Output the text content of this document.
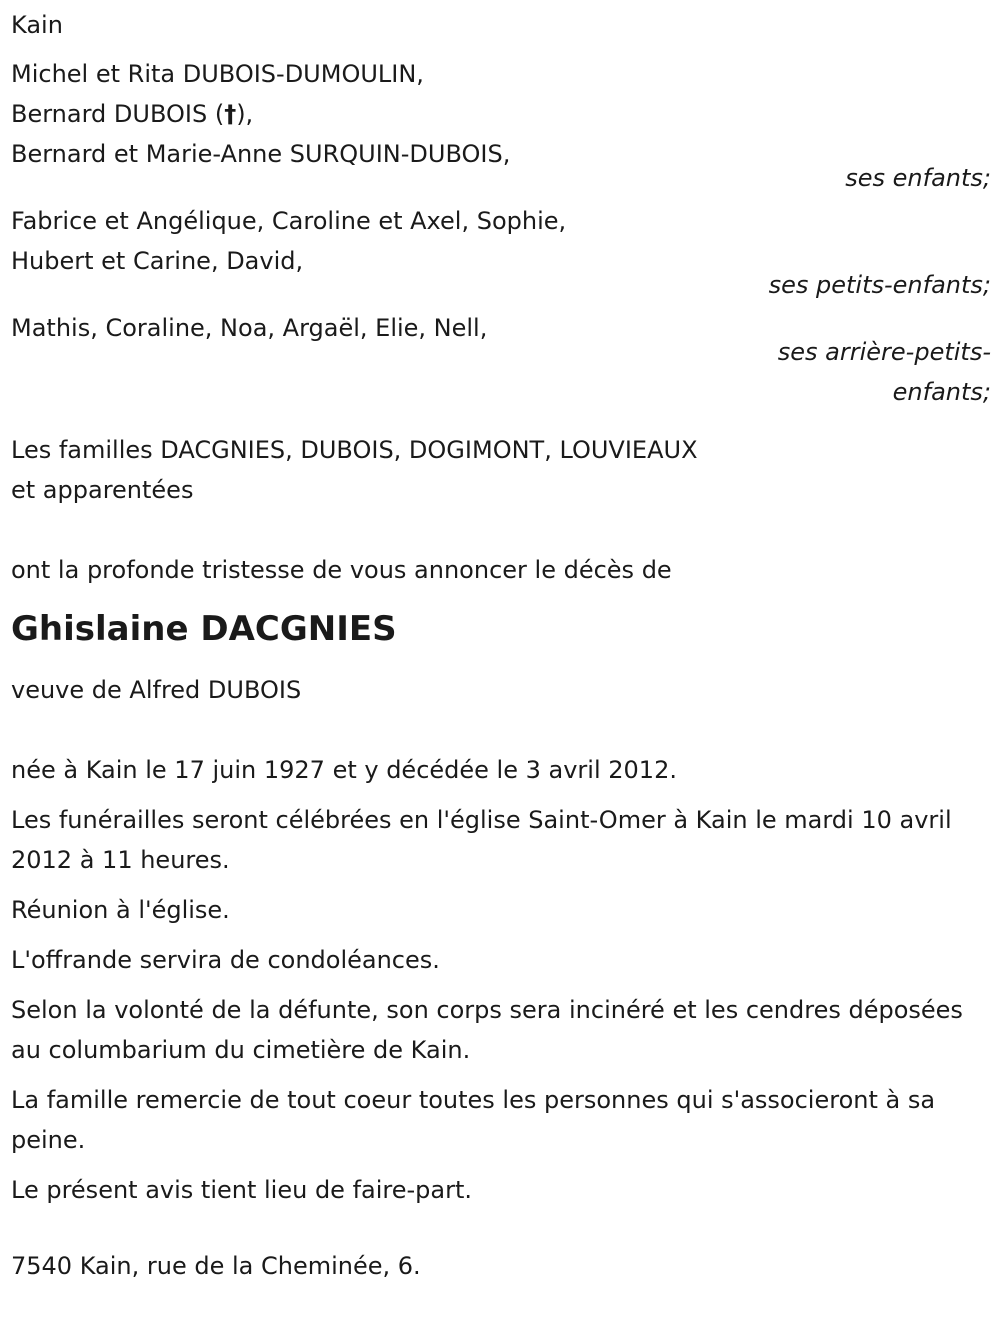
Kain
Michel et Rita DUBOIS-DUMOULIN,
Bernard DUBOIS (†),
Bernard et Marie-Anne SURQUIN-DUBOIS,
ses enfants;
Fabrice et Angélique, Caroline et Axel, Sophie,
Hubert et Carine, David,
ses petits-enfants;
Mathis, Coraline, Noa, Argaël, Elie, Nell,
ses arrière-petits-
enfants;
Les familles DACGNIES, DUBOIS, DOGIMONT, LOUVIEAUX
et apparentées
ont la profonde tristesse de vous annoncer le décès de
Ghislaine DACGNIES
veuve de Alfred DUBOIS
née à Kain le 17 juin 1927 et y décédée le 3 avril 2012.
Les funérailles seront célébrées en l'église Saint-Omer à Kain le mardi 10 avril 2012 à 11 heures.
Réunion à l'église.
L'offrande servira de condoléances.
Selon la volonté de la défunte, son corps sera incinéré et les cendres déposées au columbarium du cimetière de Kain.
La famille remercie de tout coeur toutes les personnes qui s'associeront à sa peine.
Le présent avis tient lieu de faire-part.
7540 Kain, rue de la Cheminée, 6.
